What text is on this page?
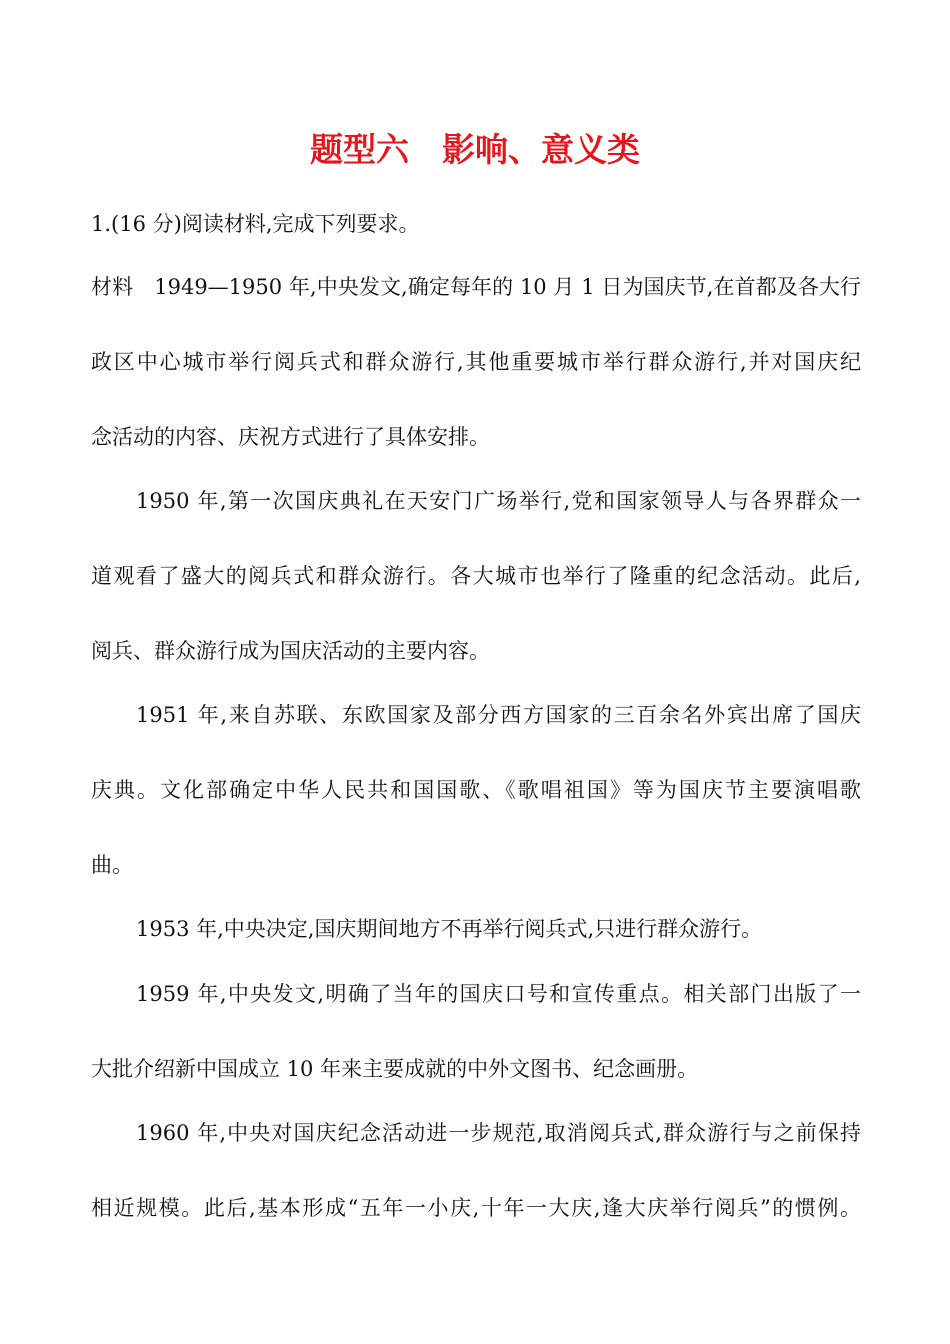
题型六　影响、意义类
1.(16 分)阅读材料,完成下列要求。
材料　1949—1950 年,中央发文,确定每年的 10 月 1 日为国庆节,在首都及各大行
政区中心城市举行阅兵式和群众游行,其他重要城市举行群众游行,并对国庆纪
念活动的内容、庆祝方式进行了具体安排。
1950 年,第一次国庆典礼在天安门广场举行,党和国家领导人与各界群众一
道观看了盛大的阅兵式和群众游行。各大城市也举行了隆重的纪念活动。此后,
阅兵、群众游行成为国庆活动的主要内容。
1951 年,来自苏联、东欧国家及部分西方国家的三百余名外宾出席了国庆
庆典。文化部确定中华人民共和国国歌、《歌唱祖国》等为国庆节主要演唱歌
曲。
1953 年,中央决定,国庆期间地方不再举行阅兵式,只进行群众游行。
1959 年,中央发文,明确了当年的国庆口号和宣传重点。相关部门出版了一
大批介绍新中国成立 10 年来主要成就的中外文图书、纪念画册。
1960 年,中央对国庆纪念活动进一步规范,取消阅兵式,群众游行与之前保持
相近规模。此后,基本形成“五年一小庆,十年一大庆,逢大庆举行阅兵”的惯例。
